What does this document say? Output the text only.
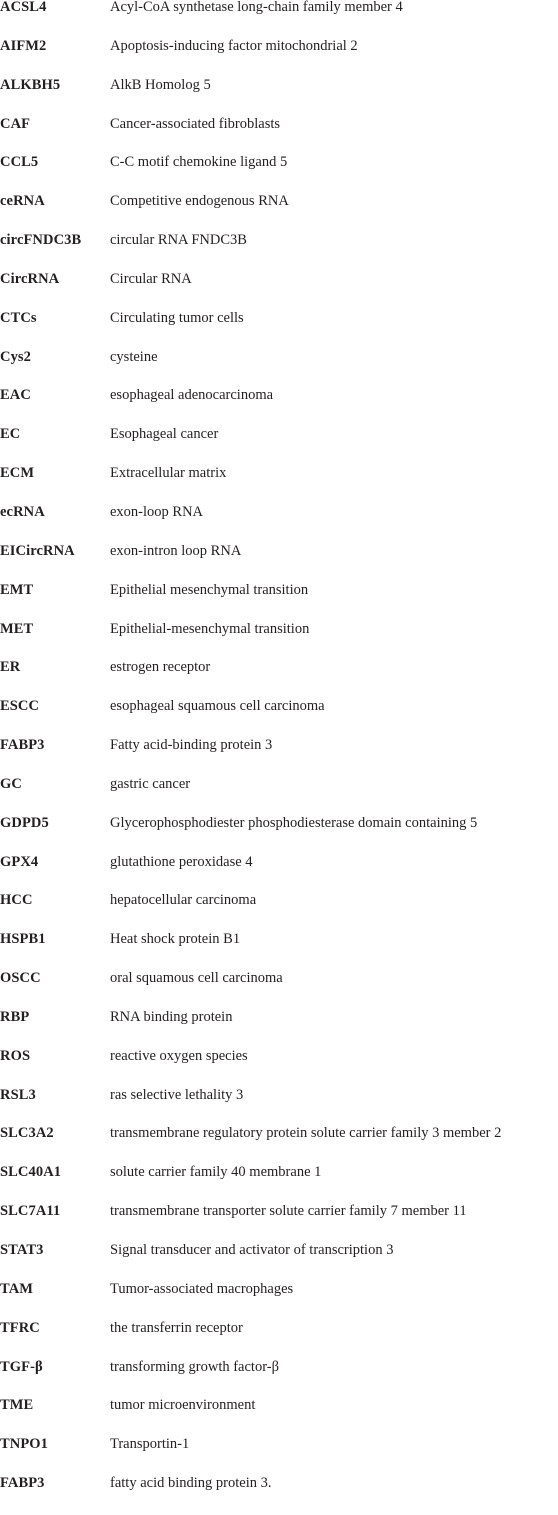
ACSL4	Acyl-CoA synthetase long-chain family member 4
AIFM2	Apoptosis-inducing factor mitochondrial 2
ALKBH5	AlkB Homolog 5
CAF	Cancer-associated fibroblasts
CCL5	C-C motif chemokine ligand 5
ceRNA	Competitive endogenous RNA
circFNDC3B circular RNA FNDC3B
CircRNA	Circular RNA
CTCs	Circulating tumor cells
Cys2	cysteine
EAC	esophageal adenocarcinoma
EC	Esophageal cancer
ECM	Extracellular matrix
ecRNA	exon-loop RNA
EICircRNA exon-intron loop RNA
EMT	Epithelial mesenchymal transition
MET	Epithelial-mesenchymal transition
ER	estrogen receptor
ESCC	esophageal squamous cell carcinoma
FABP3	Fatty acid-binding protein 3
GC	gastric cancer
GDPD5	Glycerophosphodiester phosphodiesterase domain containing 5
GPX4	glutathione peroxidase 4
HCC	hepatocellular carcinoma
HSPB1	Heat shock protein B1
OSCC	oral squamous cell carcinoma
RBP	RNA binding protein
ROS	reactive oxygen species
RSL3	ras selective lethality 3
SLC3A2	transmembrane regulatory protein solute carrier family 3 member 2
SLC40A1	solute carrier family 40 membrane 1
SLC7A11	transmembrane transporter solute carrier family 7 member 11
STAT3	Signal transducer and activator of transcription 3
TAM	Tumor-associated macrophages
TFRC	the transferrin receptor
TGF-β	transforming growth factor-β
TME	tumor microenvironment
TNPO1	Transportin-1
FABP3	fatty acid binding protein 3.
